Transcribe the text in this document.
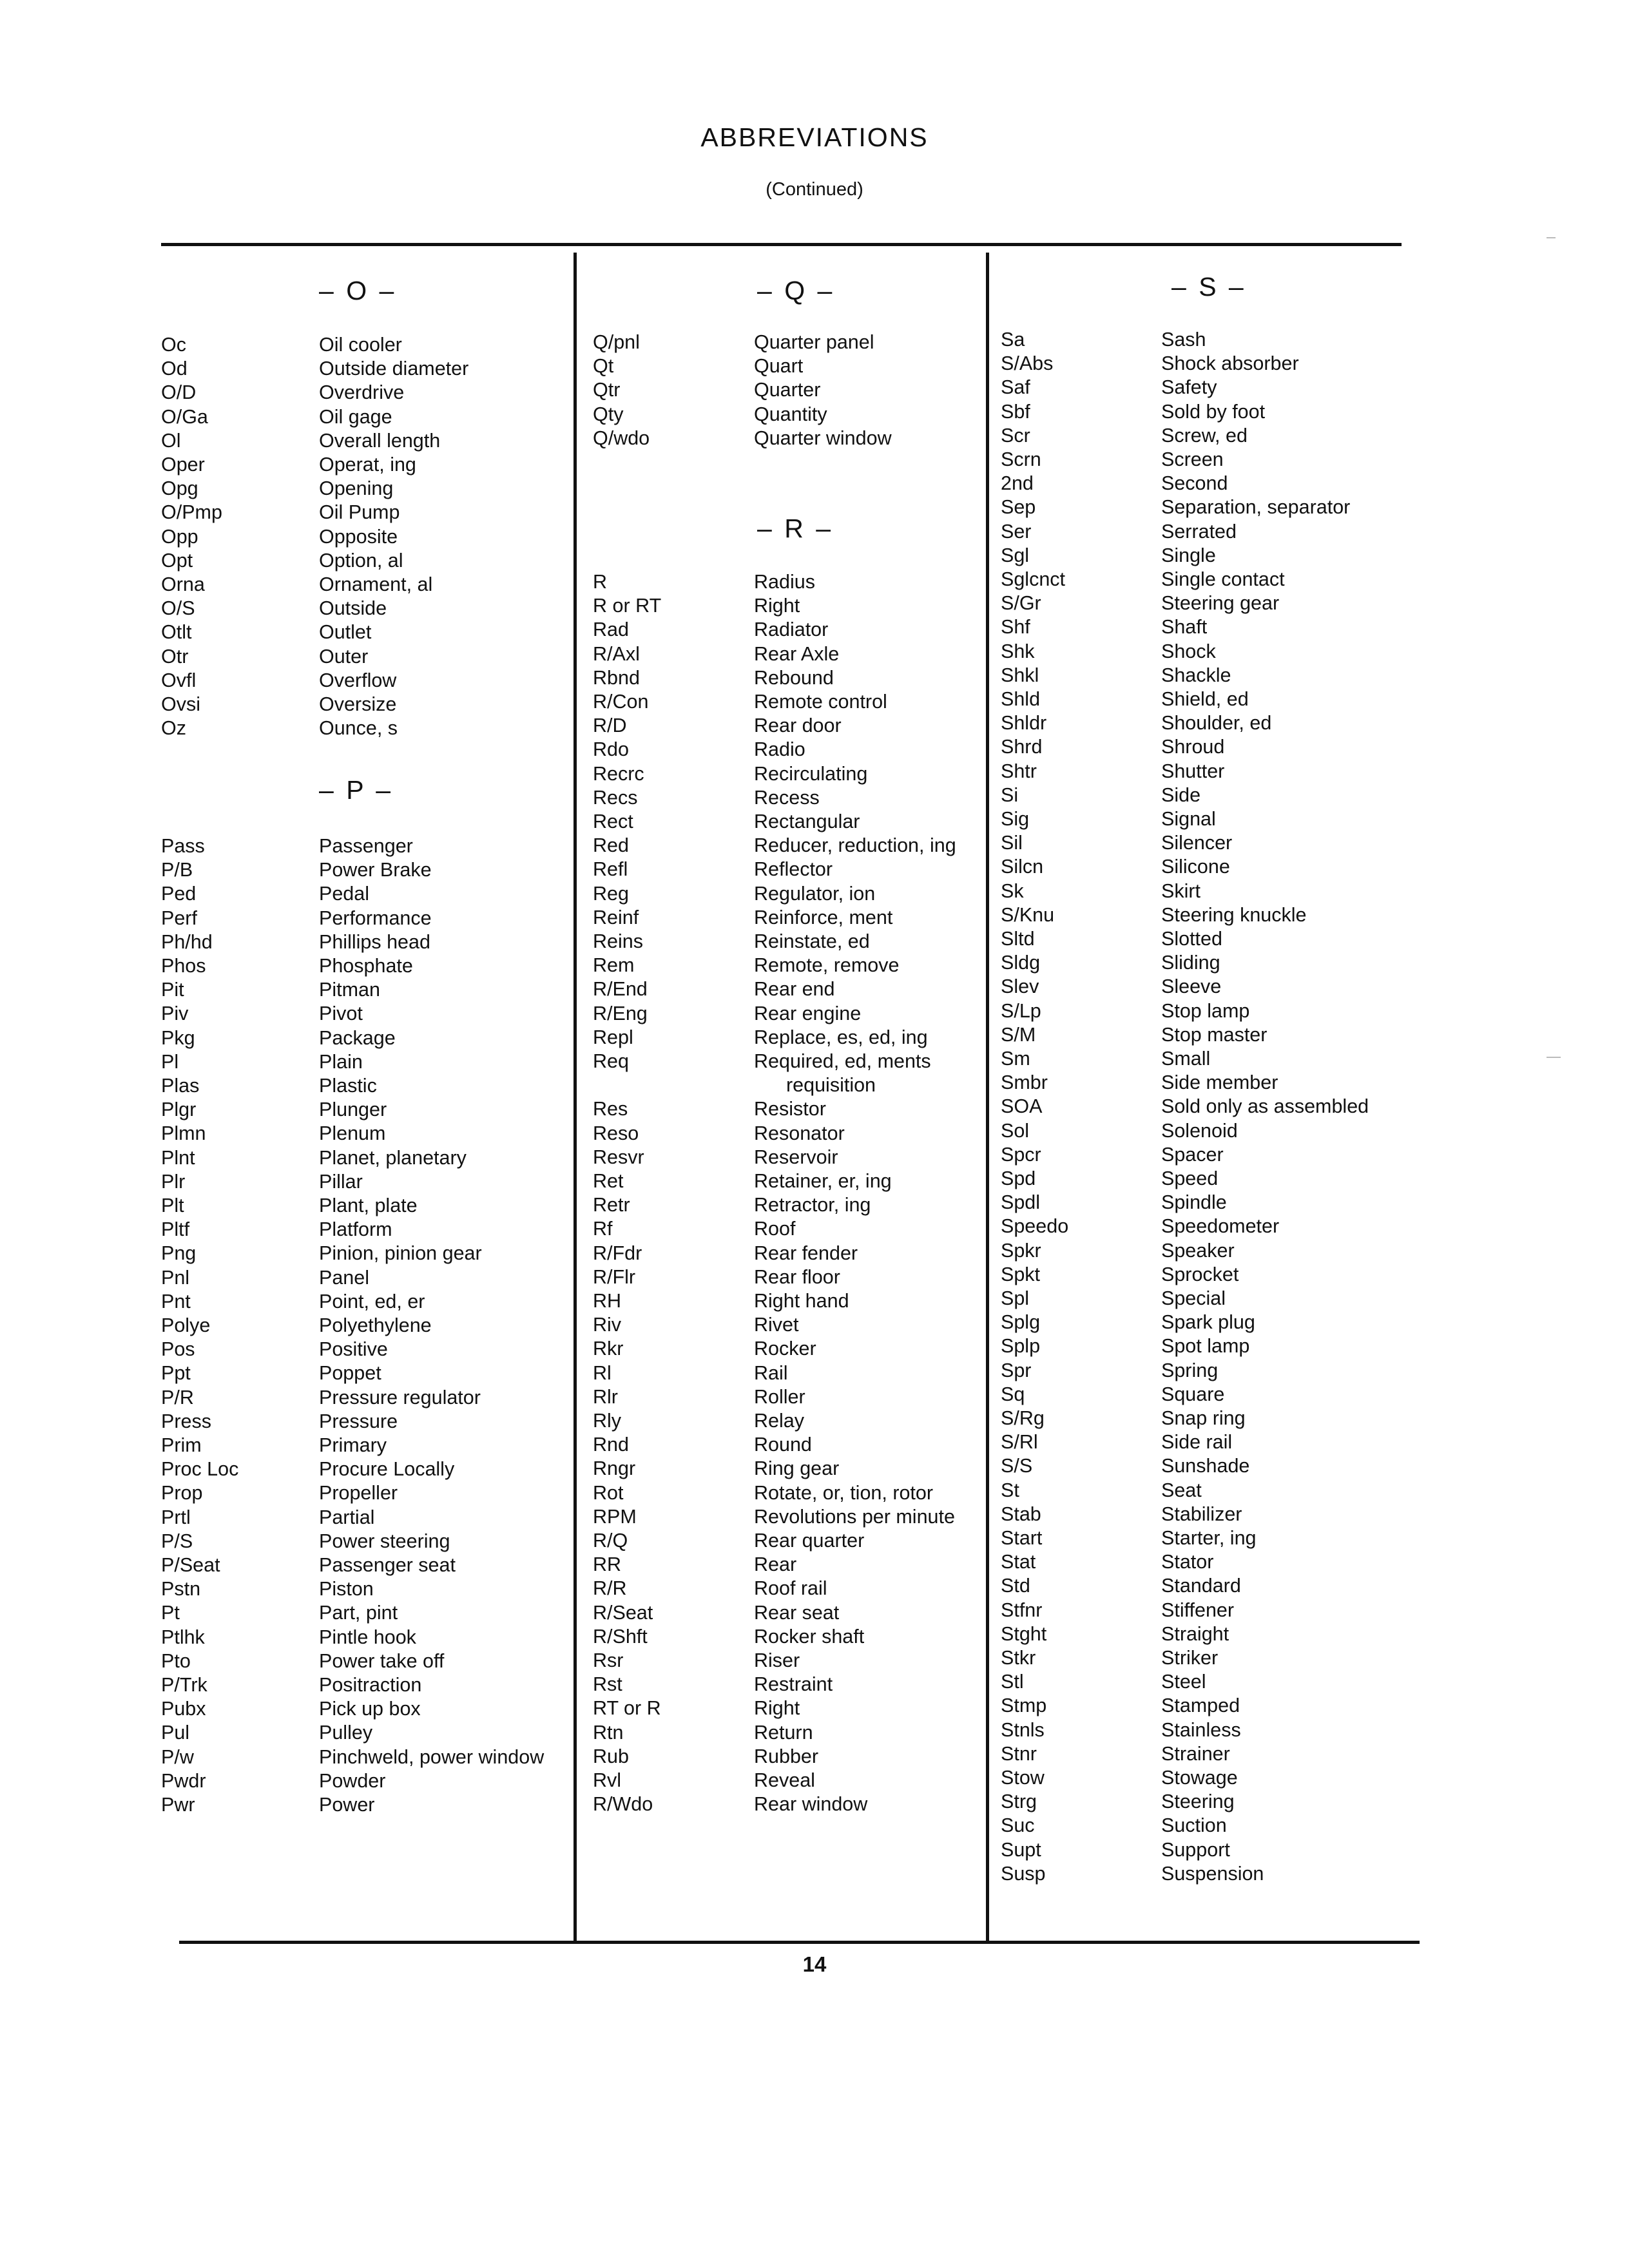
ABBREVIATIONS
(Continued)
– O –
Oc	Oil cooler
Od	Outside diameter
O/D	Overdrive
O/Ga	Oil gage
Ol	Overall length
Oper	Operat, ing
Opg	Opening
O/Pmp	Oil Pump
Opp	Opposite
Opt	Option, al
Orna	Ornament, al
O/S	Outside
Otlt	Outlet
Otr	Outer
Ovfl	Overflow
Ovsi	Oversize
Oz	Ounce, s
– P –
Pass	Passenger
P/B	Power Brake
Ped	Pedal
Perf	Performance
Ph/hd	Phillips head
Phos	Phosphate
Pit	Pitman
Piv	Pivot
Pkg	Package
Pl	Plain
Plas	Plastic
Plgr	Plunger
Plmn	Plenum
Plnt	Planet, planetary
Plr	Pillar
Plt	Plant, plate
Pltf	Platform
Png	Pinion, pinion gear
Pnl	Panel
Pnt	Point, ed, er
Polye	Polyethylene
Pos	Positive
Ppt	Poppet
P/R	Pressure regulator
Press	Pressure
Prim	Primary
Proc Loc	Procure Locally
Prop	Propeller
Prtl	Partial
P/S	Power steering
P/Seat	Passenger seat
Pstn	Piston
Pt	Part, pint
Ptlhk	Pintle hook
Pto	Power take off
P/Trk	Positraction
Pubx	Pick up box
Pul	Pulley
P/w	Pinchweld, power window
Pwdr	Powder
Pwr	Power
– Q –
Q/pnl	Quarter panel
Qt	Quart
Qtr	Quarter
Qty	Quantity
Q/wdo	Quarter window
– R –
R	Radius
R or RT	Right
Rad	Radiator
R/Axl	Rear Axle
Rbnd	Rebound
R/Con	Remote control
R/D	Rear door
Rdo	Radio
Recrc	Recirculating
Recs	Recess
Rect	Rectangular
Red	Reducer, reduction, ing
Refl	Reflector
Reg	Regulator, ion
Reinf	Reinforce, ment
Reins	Reinstate, ed
Rem	Remote, remove
R/End	Rear end
R/Eng	Rear engine
Repl	Replace, es, ed, ing
Req	Required, ed, ments
requisition
Res	Resistor
Reso	Resonator
Resvr	Reservoir
Ret	Retainer, er, ing
Retr	Retractor, ing
Rf	Roof
R/Fdr	Rear fender
R/Flr	Rear floor
RH	Right hand
Riv	Rivet
Rkr	Rocker
Rl	Rail
Rlr	Roller
Rly	Relay
Rnd	Round
Rngr	Ring gear
Rot	Rotate, or, tion, rotor
RPM	Revolutions per minute
R/Q	Rear quarter
RR	Rear
R/R	Roof rail
R/Seat	Rear seat
R/Shft	Rocker shaft
Rsr	Riser
Rst	Restraint
RT or R	Right
Rtn	Return
Rub	Rubber
Rvl	Reveal
R/Wdo	Rear window
– S –
Sa	Sash
S/Abs	Shock absorber
Saf	Safety
Sbf	Sold by foot
Scr	Screw, ed
Scrn	Screen
2nd	Second
Sep	Separation, separator
Ser	Serrated
Sgl	Single
Sglcnct	Single contact
S/Gr	Steering gear
Shf	Shaft
Shk	Shock
Shkl	Shackle
Shld	Shield, ed
Shldr	Shoulder, ed
Shrd	Shroud
Shtr	Shutter
Si	Side
Sig	Signal
Sil	Silencer
Silcn	Silicone
Sk	Skirt
S/Knu	Steering knuckle
Sltd	Slotted
Sldg	Sliding
Slev	Sleeve
S/Lp	Stop lamp
S/M	Stop master
Sm	Small
Smbr	Side member
SOA	Sold only as assembled
Sol	Solenoid
Spcr	Spacer
Spd	Speed
Spdl	Spindle
Speedo	Speedometer
Spkr	Speaker
Spkt	Sprocket
Spl	Special
Splg	Spark plug
Splp	Spot lamp
Spr	Spring
Sq	Square
S/Rg	Snap ring
S/Rl	Side rail
S/S	Sunshade
St	Seat
Stab	Stabilizer
Start	Starter, ing
Stat	Stator
Std	Standard
Stfnr	Stiffener
Stght	Straight
Stkr	Striker
Stl	Steel
Stmp	Stamped
Stnls	Stainless
Stnr	Strainer
Stow	Stowage
Strg	Steering
Suc	Suction
Supt	Support
Susp	Suspension
14
